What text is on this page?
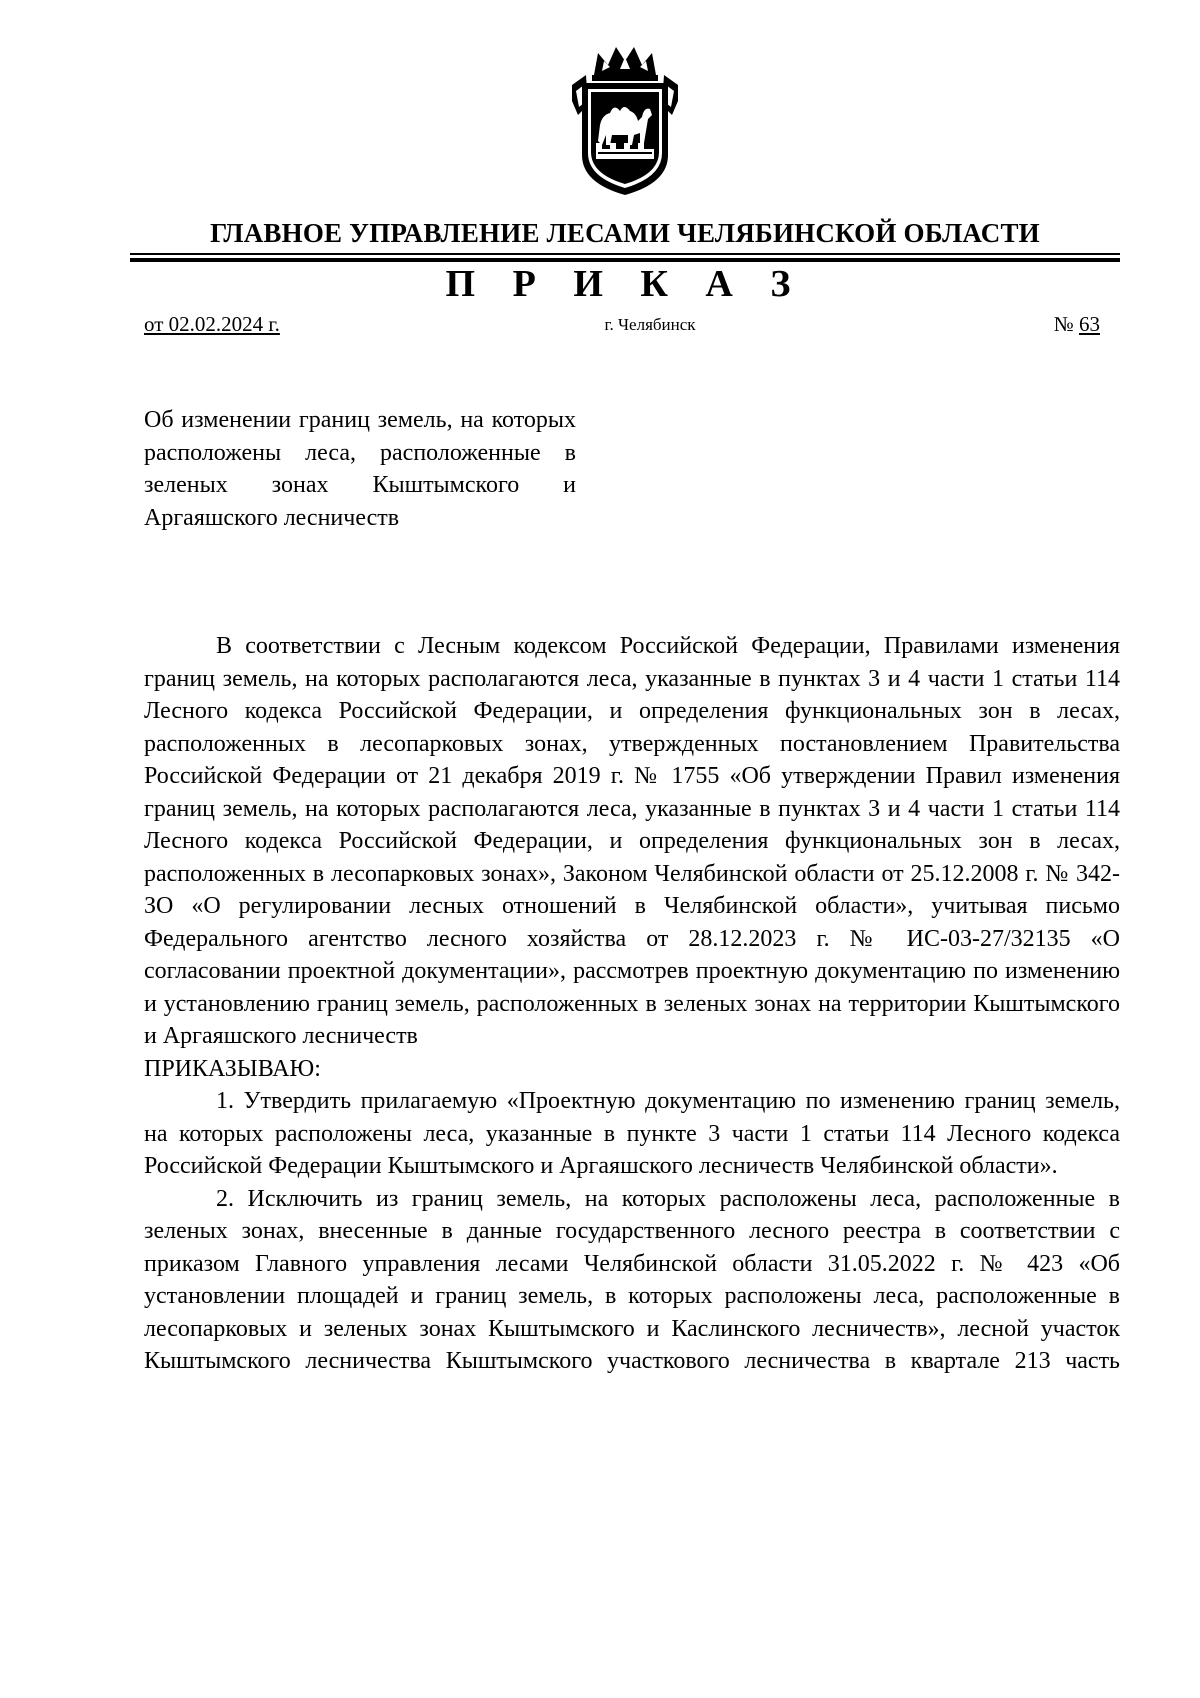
ГЛАВНОЕ УПРАВЛЕНИЕ ЛЕСАМИ ЧЕЛЯБИНСКОЙ ОБЛАСТИ
П Р И К А З
от 02.02.2024 г.	г. Челябинск	№ 63
Об изменении границ земель, на которых расположены леса, расположенные в зеленых зонах Кыштымского и Аргаяшского лесничеств

В соответствии с Лесным кодексом Российской Федерации, Правилами изменения границ земель, на которых располагаются леса, указанные в пунктах 3 и 4 части 1 статьи 114 Лесного кодекса Российской Федерации, и определения функциональных зон в лесах, расположенных в лесопарковых зонах, утвержденных постановлением Правительства Российской Федерации от 21 декабря 2019 г. № 1755 «Об утверждении Правил изменения границ земель, на которых располагаются леса, указанные в пунктах 3 и 4 части 1 статьи 114 Лесного кодекса Российской Федерации, и определения функциональных зон в лесах, расположенных в лесопарковых зонах», Законом Челябинской области от 25.12.2008 г. № 342-ЗО «О регулировании лесных отношений в Челябинской области», учитывая письмо Федерального агентство лесного хозяйства от 28.12.2023 г. № ИС-03-27/32135 «О согласовании проектной документации», рассмотрев проектную документацию по изменению и установлению границ земель, расположенных в зеленых зонах на территории Кыштымского и Аргаяшского лесничеств

ПРИКАЗЫВАЮ:

1. Утвердить прилагаемую «Проектную документацию по изменению границ земель, на которых расположены леса, указанные в пункте 3 части 1 статьи 114 Лесного кодекса Российской Федерации Кыштымского и Аргаяшского лесничеств Челябинской области».

2. Исключить из границ земель, на которых расположены леса, расположенные в зеленых зонах, внесенные в данные государственного лесного реестра в соответствии с приказом Главного управления лесами Челябинской области 31.05.2022 г. № 423 «Об установлении площадей и границ земель, в которых расположены леса, расположенные в лесопарковых и зеленых зонах Кыштымского и Каслинского лесничеств», лесной участок Кыштымского лесничества Кыштымского участкового лесничества в квартале 213 часть
